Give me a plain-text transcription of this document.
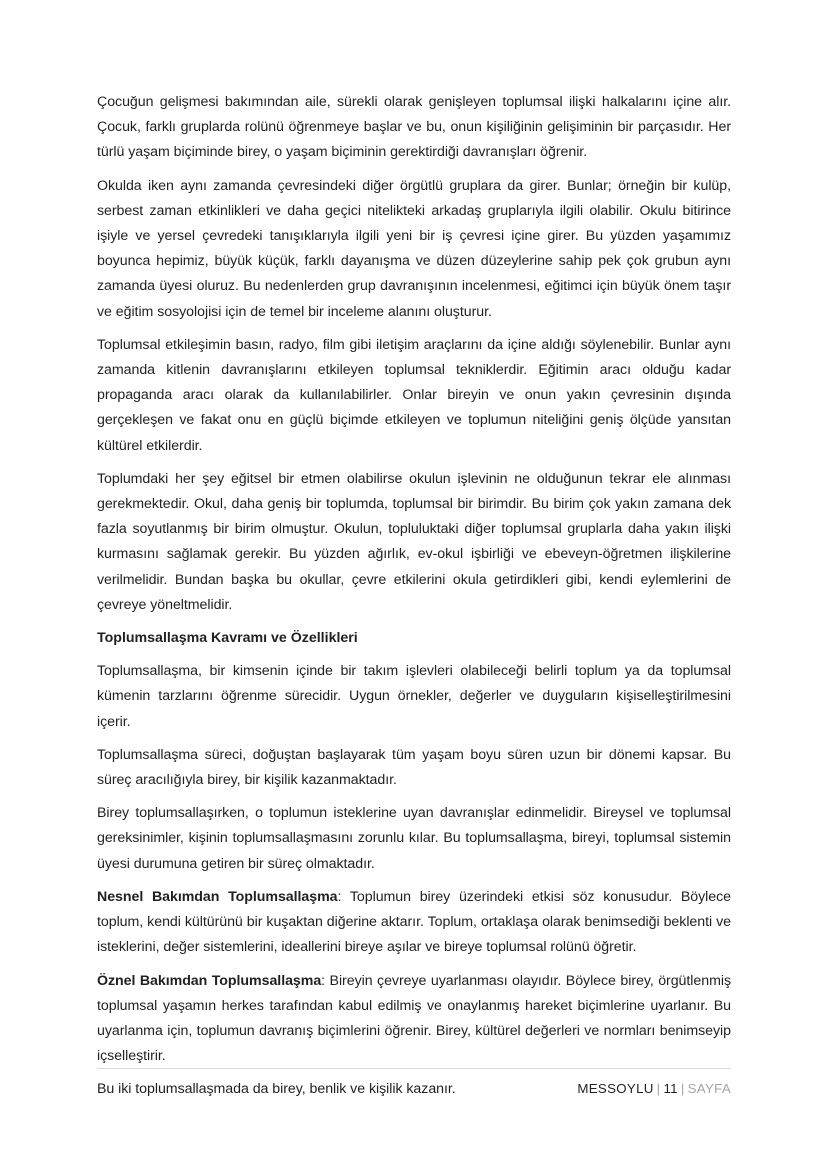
Çocuğun gelişmesi bakımından aile, sürekli olarak genişleyen toplumsal ilişki halkalarını içine alır. Çocuk, farklı gruplarda rolünü öğrenmeye başlar ve bu, onun kişiliğinin gelişiminin bir parçasıdır. Her türlü yaşam biçiminde birey, o yaşam biçiminin gerektirdiği davranışları öğrenir.

Okulda iken aynı zamanda çevresindeki diğer örgütlü gruplara da girer. Bunlar; örneğin bir kulüp, serbest zaman etkinlikleri ve daha geçici nitelikteki arkadaş gruplarıyla ilgili olabilir. Okulu bitirince işiyle ve yersel çevredeki tanışıklarıyla ilgili yeni bir iş çevresi içine girer. Bu yüzden yaşamımız boyunca hepimiz, büyük küçük, farklı dayanışma ve düzen düzeylerine sahip pek çok grubun aynı zamanda üyesi oluruz. Bu nedenlerden grup davranışının incelenmesi, eğitimci için büyük önem taşır ve eğitim sosyolojisi için de temel bir inceleme alanını oluşturur.

Toplumsal etkileşimin basın, radyo, film gibi iletişim araçlarını da içine aldığı söylenebilir. Bunlar aynı zamanda kitlenin davranışlarını etkileyen toplumsal tekniklerdir. Eğitimin aracı olduğu kadar propaganda aracı olarak da kullanılabilirler. Onlar bireyin ve onun yakın çevresinin dışında gerçekleşen ve fakat onu en güçlü biçimde etkileyen ve toplumun niteliğini geniş ölçüde yansıtan kültürel etkilerdir.

Toplumdaki her şey eğitsel bir etmen olabilirse okulun işlevinin ne olduğunun tekrar ele alınması gerekmektedir. Okul, daha geniş bir toplumda, toplumsal bir birimdir. Bu birim çok yakın zamana dek fazla soyutlanmış bir birim olmuştur. Okulun, topluluktaki diğer toplumsal gruplarla daha yakın ilişki kurmasını sağlamak gerekir. Bu yüzden ağırlık, ev-okul işbirliği ve ebeveyn-öğretmen ilişkilerine verilmelidir. Bundan başka bu okullar, çevre etkilerini okula getirdikleri gibi, kendi eylemlerini de çevreye yöneltmelidir.

Toplumsallaşma Kavramı ve Özellikleri

Toplumsallaşma, bir kimsenin içinde bir takım işlevleri olabileceği belirli toplum ya da toplumsal kümenin tarzlarını öğrenme sürecidir. Uygun örnekler, değerler ve duyguların kişiselleştirilmesini içerir.

Toplumsallaşma süreci, doğuştan başlayarak tüm yaşam boyu süren uzun bir dönemi kapsar. Bu süreç aracılığıyla birey, bir kişilik kazanmaktadır.

Birey toplumsallaşırken, o toplumun isteklerine uyan davranışlar edinmelidir. Bireysel ve toplumsal gereksinimler, kişinin toplumsallaşmasını zorunlu kılar. Bu toplumsallaşma, bireyi, toplumsal sistemin üyesi durumuna getiren bir süreç olmaktadır.

Nesnel Bakımdan Toplumsallaşma: Toplumun birey üzerindeki etkisi söz konusudur. Böylece toplum, kendi kültürünü bir kuşaktan diğerine aktarır. Toplum, ortaklaşa olarak benimsediği beklenti ve isteklerini, değer sistemlerini, ideallerini bireye aşılar ve bireye toplumsal rolünü öğretir.

Öznel Bakımdan Toplumsallaşma: Bireyin çevreye uyarlanması olayıdır. Böylece birey, örgütlenmiş toplumsal yaşamın herkes tarafından kabul edilmiş ve onaylanmış hareket biçimlerine uyarlanır. Bu uyarlanma için, toplumun davranış biçimlerini öğrenir. Birey, kültürel değerleri ve normları benimseyip içselleştirir.

Bu iki toplumsallaşmada da birey, benlik ve kişilik kazanır.	MESSOYLU | 11 | SAYFA
